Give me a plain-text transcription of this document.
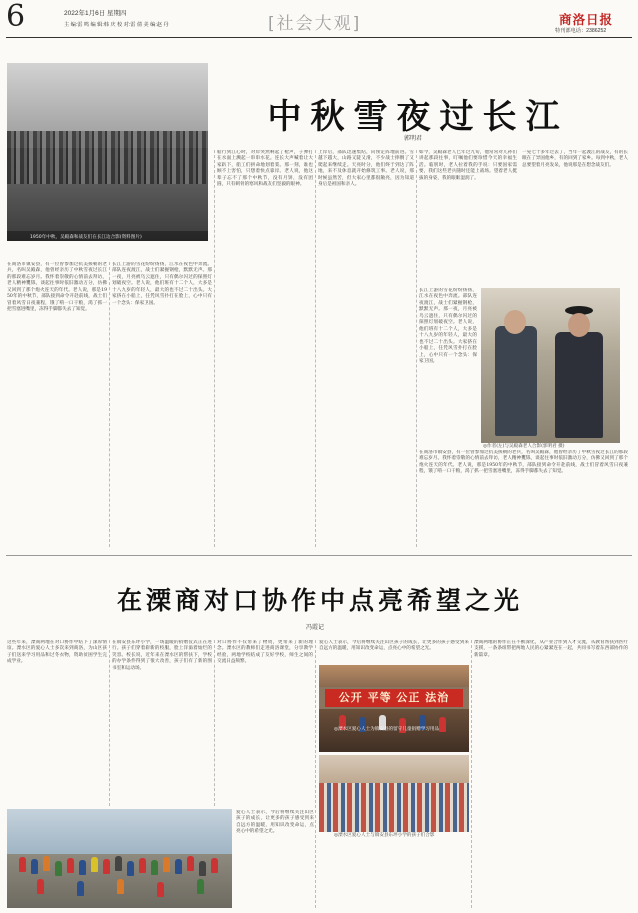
6	2022年1月6日 星期四
主 编:雷 鸣 编 辑:韩 庆 校 对:雷 倩 美 编:赵 丹	[社会大观]	商洛日报
特刊部电话：2386252
1950年中秋，吴殿森和战友们在长江边合影(资料图片)
中秋雪夜过长江
郭明君
在商洛市镇安县，有一位曾参加过抗美援朝的老兵，名叫吴殿森，他曾经亲历了中秋雪夜过长江的那段难忘岁月。我怀着崇敬的心情前去拜访，老人精神矍铄，谈起往事时依旧激动万分，仿佛又回到了那个炮火连天的年代。老人说，那是1950年的中秋节，部队接到命令开赴前线，战士们冒着风雪日夜兼程，饿了啃一口干粮，渴了抓一把雪塞进嘴里，冻得手脚都失去了知觉。
长江上游的雪花纷纷扬扬，江水在夜色中奔流。部队连夜渡江，战士们紧握钢枪，默默无声。那一夜，月亮被乌云遮住，只有偶尔闪过的探照灯划破夜空。老人说，他们班有十二个人，大多是十八九岁的年轻人，最大的也不过二十出头。大家挤在小船上，任凭风雪扑打在脸上，心中只有一个念头：保家卫国。
船行到江心时，对岸突然响起了枪声，子弹打在水面上溅起一串串水花。连长大声喊着让大家趴下，船工们拼命地划着桨。那一刻，谁也顾不上害怕，只想着快点靠岸。老人说，他这辈子忘不了那个中秋节，没有月饼，没有团圆，只有刺骨的寒风和战友们坚毅的眼神。
上岸后，部队迅速集结，向预定阵地前进。雪越下越大，山路又陡又滑，不少战士摔倒了又爬起来继续走。天亮时分，他们终于到达了阵地，来不及休息就开始修筑工事。老人说，那时候虽然苦，但大家心里都很敞亮，因为知道身后是祖国和亲人。
如今，吴殿森老人已年过九旬，他常常对儿孙们讲起那段往事，叮嘱他们要珍惜今天的幸福生活。临别时，老人拉着我的手说：只要国家需要，我们这些老兵随时还能上战场。望着老人挺拔的身姿，我的眼眶湿润了。
一晃七十多年过去了，当年一起渡江的战友，有的长眠在了异国他乡，有的回到了家乡。每到中秋，老人总要望着月亮发呆，他说那是在想念战友们。
长江上游的雪花纷纷扬扬，江水在夜色中奔流。部队连夜渡江，战士们紧握钢枪，默默无声。那一夜，月亮被乌云遮住，只有偶尔闪过的探照灯划破夜空。老人说，他们班有十二个人，大多是十八九岁的年轻人，最大的也不过二十出头。大家挤在小船上，任凭风雪扑打在脸上，心中只有一个念头：保家卫国。
在商洛市镇安县，有一位曾参加过抗美援朝的老兵，名叫吴殿森，他曾经亲历了中秋雪夜过长江的那段难忘岁月。我怀着崇敬的心情前去拜访，老人精神矍铄，谈起往事时依旧激动万分，仿佛又回到了那个炮火连天的年代。老人说，那是1950年的中秋节，部队接到命令开赴前线，战士们冒着风雪日夜兼程，饿了啃一口干粮，渴了抓一把雪塞进嘴里，冻得手脚都失去了知觉。
◎作者(左)与吴殿森老人合影(郭明君 摄)
在溧商对口协作中点亮希望之光
冯霞记
这些年来，溧商两地在对口协作中结下了深厚情谊。溧水区的爱心人士多次来到商洛，为山区孩子们送来学习用品和过冬衣物，资助贫困学生完成学业。
在镇安县东坪小学，一场温暖的捐赠仪式正在进行。孩子们穿着崭新的校服，脸上洋溢着灿烂的笑容。校长说，近年来在溧水区的帮扶下，学校的办学条件得到了很大改善，孩子们有了新的图书室和运动场。
对口协作不仅带来了物资，更带来了新的理念。溧水区的教师们走进商洛课堂，分享教学经验，两地学校结成了友好学校，师生之间的交流日益频繁。
爱心人士表示，今后将继续关注山区孩子的成长，让更多的孩子感受到来自远方的温暖，用知识改变命运，点亮心中的希望之光。
爱心人士表示，今后将继续关注山区孩子的成长，让更多的孩子感受到来自远方的温暖，用知识改变命运，点亮心中的希望之光。
溧商两地的协作正在不断深化，从产业合作到人才交流，从教育帮扶到医疗支援，一条条纽带把两地人民的心紧紧连在一起，共同书写着东西部协作的新篇章。
公开 平等 公正 法治
◎溧水区爱心人士为镇安县的留守儿童捐赠学习用品
◎溧水区爱心人士与镇安县东坪小学的孩子们合影
